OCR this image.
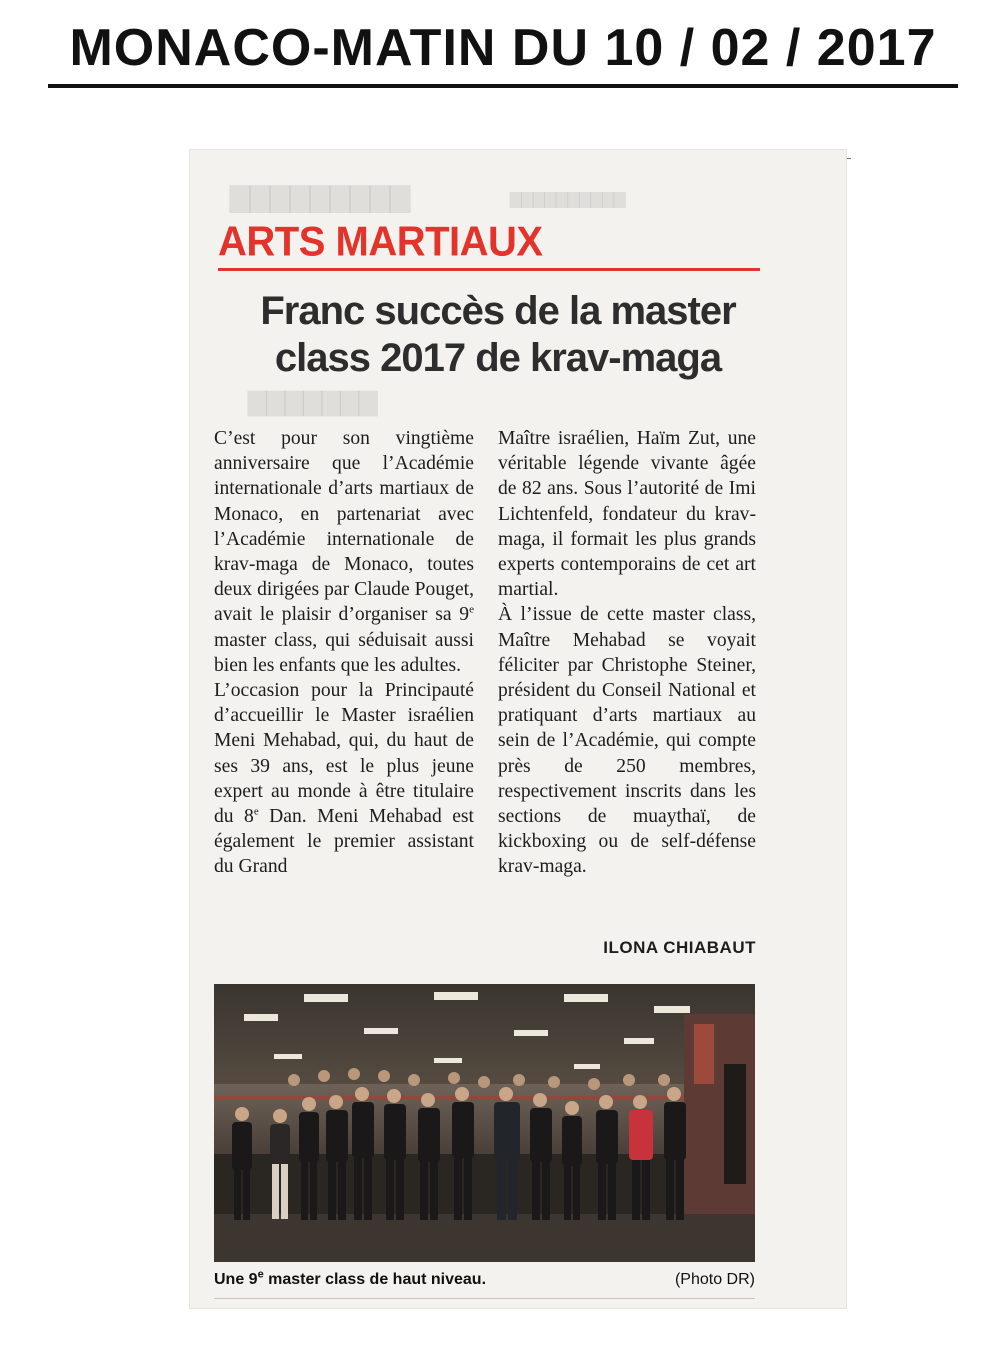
MONACO-MATIN DU 10 / 02 / 2017
▇▇▇▇▇▇▇▇▇
▇▇▇▇▇▇▇
▇▇▇▇▇▇▇▇▇▇
ARTS MARTIAUX
Franc succès de la master
class 2017 de krav-maga

C’est pour son vingtième anniversaire que l’Académie internationale d’arts martiaux de Monaco, en partenariat avec l’Académie internationale de krav-maga de Monaco, toutes deux dirigées par Claude Pouget, avait le plaisir d’organiser sa 9e master class, qui séduisait aussi bien les enfants que les adultes.

L’occasion pour la Principauté d’accueillir le Master israélien Meni Mehabad, qui, du haut de ses 39 ans, est le plus jeune expert au monde à être titulaire du 8e Dan. Meni Mehabad est également le premier assistant du Grand

Maître israélien, Haïm Zut, une véritable légende vivante âgée de 82 ans. Sous l’autorité de Imi Lichtenfeld, fondateur du krav-maga, il formait les plus grands experts contemporains de cet art martial.

À l’issue de cette master class, Maître Mehabad se voyait féliciter par Christophe Steiner, président du Conseil National et pratiquant d’arts martiaux au sein de l’Académie, qui compte près de 250 membres, respectivement inscrits dans les sections de muaythaï, de kickboxing ou de self-défense krav-maga.

ILONA CHIABAUT
Une 9e master class de haut niveau.	(Photo DR)
